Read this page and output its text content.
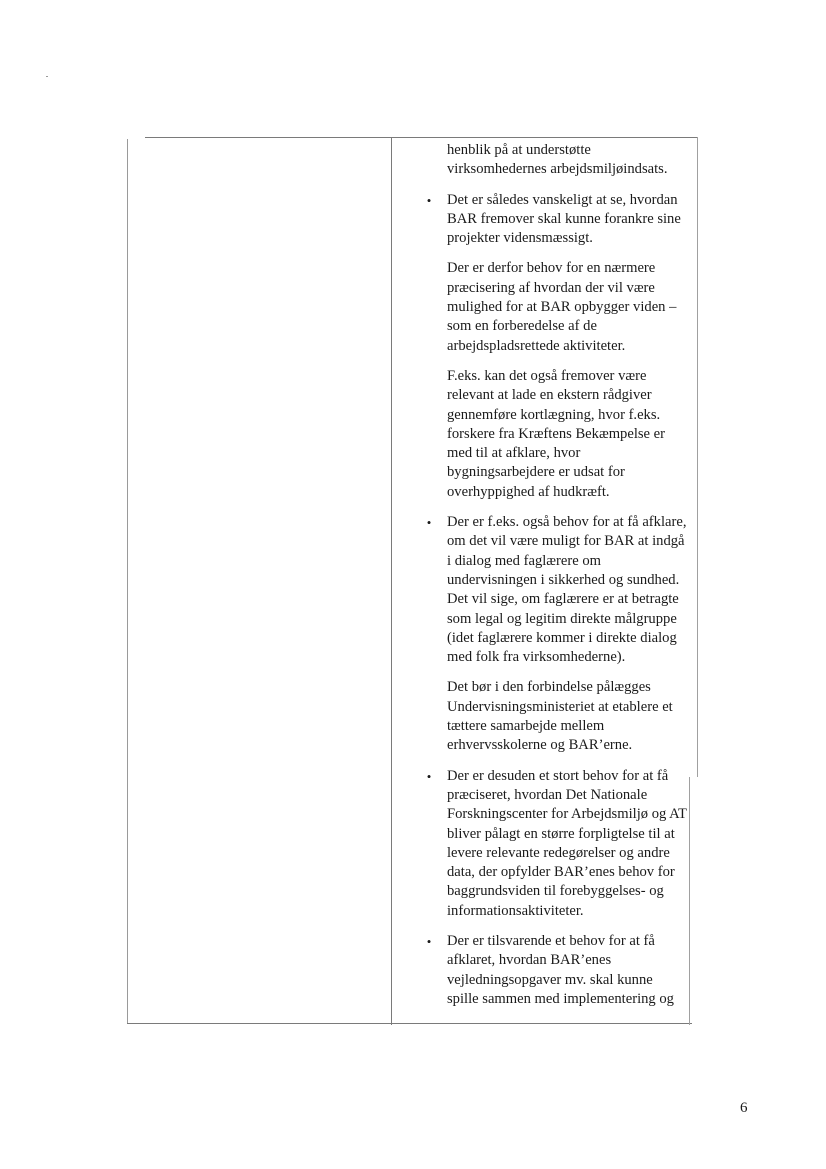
henblik på at understøtte virksomhedernes arbejdsmiljøindsats.

• Det er således vanskeligt at se, hvordan BAR fremover skal kunne forankre sine projekter vidensmæssigt.

Der er derfor behov for en nærmere præcisering af hvordan der vil være mulighed for at BAR opbygger viden – som en forberedelse af de arbejdspladsrettede aktiviteter.

F.eks. kan det også fremover være relevant at lade en ekstern rådgiver gennemføre kortlægning, hvor f.eks. forskere fra Kræftens Bekæmpelse er med til at afklare, hvor bygningsarbejdere er udsat for overhyppighed af hudkræft.

• Der er f.eks. også behov for at få afklare, om det vil være muligt for BAR at indgå i dialog med faglærere om undervisningen i sikkerhed og sundhed. Det vil sige, om faglærere er at betragte som legal og legitim direkte målgruppe (idet faglærere kommer i direkte dialog med folk fra virksomhederne).

Det bør i den forbindelse pålægges Undervisningsministeriet at etablere et tættere samarbejde mellem erhvervsskolerne og BAR’erne.

• Der er desuden et stort behov for at få præciseret, hvordan Det Nationale Forskningscenter for Arbejdsmiljø og AT bliver pålagt en større forpligtelse til at levere relevante redegørelser og andre data, der opfylder BAR’enes behov for baggrundsviden til forebyggelses- og informationsaktiviteter.

• Der er tilsvarende et behov for at få afklaret, hvordan BAR’enes vejledningsopgaver mv. skal kunne spille sammen med implementering og

6
